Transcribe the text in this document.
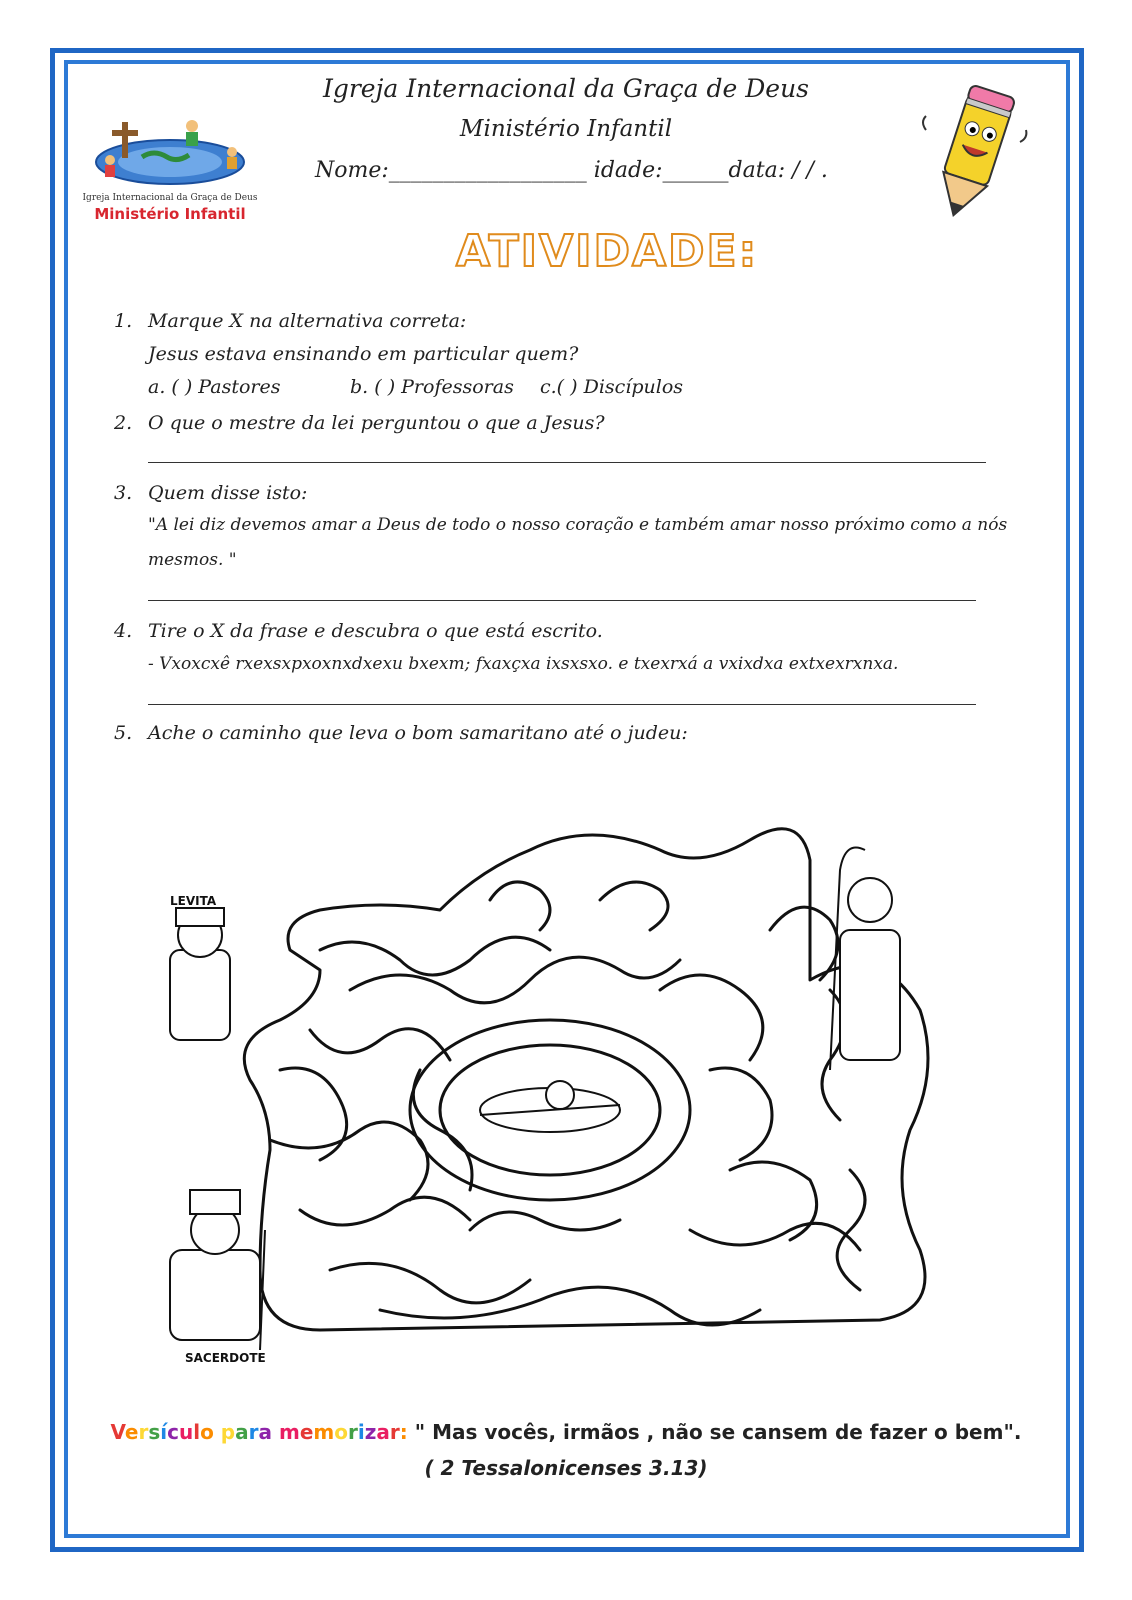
Igreja Internacional da Graça de Deus
Ministério Infantil
Igreja Internacional da Graça de Deus
Ministério Infantil
Nome:__________________ idade:______data: / / .
ATIVIDADE:
1. Marque X na alternativa correta:
Jesus estava ensinando em particular quem?
a. ( ) Pastores	b. ( ) Professoras c.( ) Discípulos
2. O que o mestre da lei perguntou o que a Jesus?
3. Quem disse isto:
"A lei diz devemos amar a Deus de todo o nosso coração e também amar nosso próximo como a nós
mesmos. "
4. Tire o X da frase e descubra o que está escrito.
- Vxoxcxê rxexsxpxoxnxdxexu bxexm; fxaxçxa ixsxsxo. e txexrxá a vxixdxa extxexrxnxa.
5. Ache o caminho que leva o bom samaritano até o judeu:
LEVITA
SACERDOTE
Versículo para memorizar: " Mas vocês, irmãos , não se cansem de fazer o bem".
( 2 Tessalonicenses 3.13)
